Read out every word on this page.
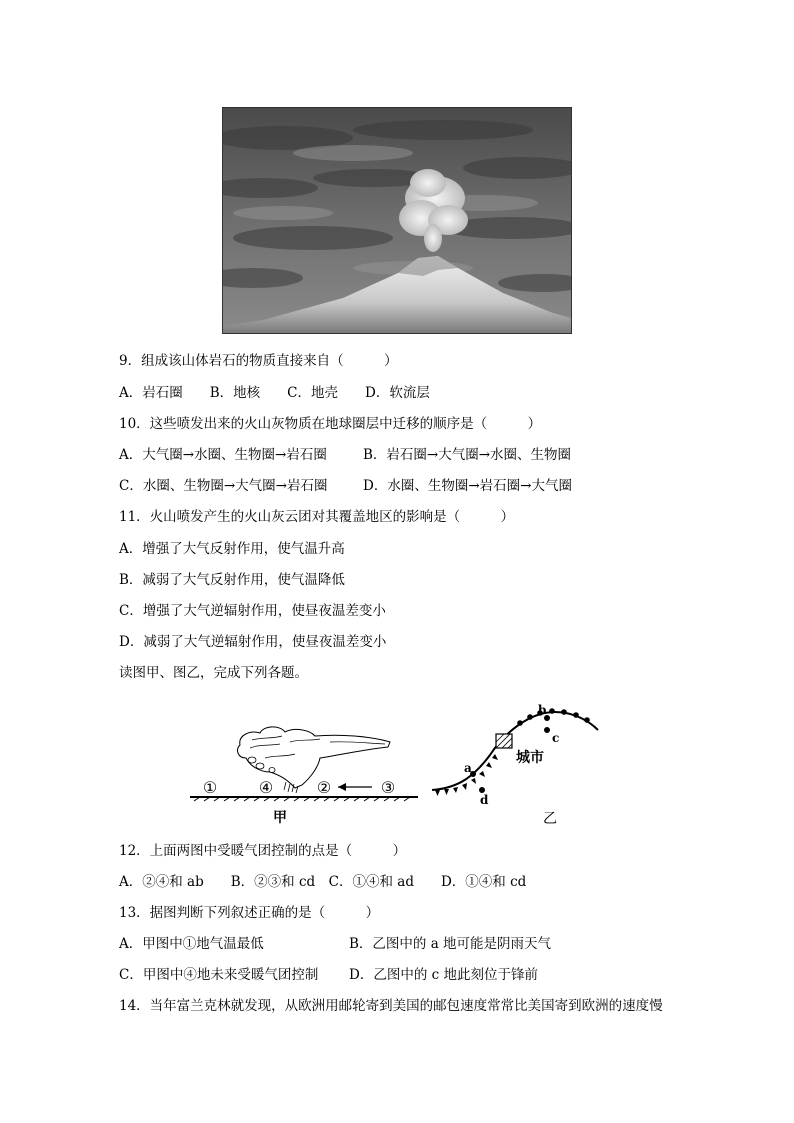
9．组成该山体岩石的物质直接来自（　　　）
A．岩石圈　　B．地核　　C．地壳　　D．软流层
10．这些喷发出来的火山灰物质在地球圈层中迁移的顺序是（　　　）
A．大气圈→水圈、生物圈→岩石圈	B．岩石圈→大气圈→水圈、生物圈
C．水圈、生物圈→大气圈→岩石圈	D．水圈、生物圈→岩石圈→大气圈
11．火山喷发产生的火山灰云团对其覆盖地区的影响是（　　　）
A．增强了大气反射作用，使气温升高
B．减弱了大气反射作用，使气温降低
C．增强了大气逆辐射作用，使昼夜温差变小
D．减弱了大气逆辐射作用，使昼夜温差变小
读图甲、图乙，完成下列各题。
①	④	②	③
甲
城市
a
b
c
d
乙
12．上面两图中受暖气团控制的点是（　　　）
A．②④和 ab　　B．②③和 cd　C．①④和 ad　　D．①④和 cd
13．据图判断下列叙述正确的是（　　　）
A．甲图中①地气温最低	B．乙图中的 a 地可能是阴雨天气
C．甲图中④地未来受暖气团控制 D．乙图中的 c 地此刻位于锋前
14．当年富兰克林就发现，从欧洲用邮轮寄到美国的邮包速度常常比美国寄到欧洲的速度慢
